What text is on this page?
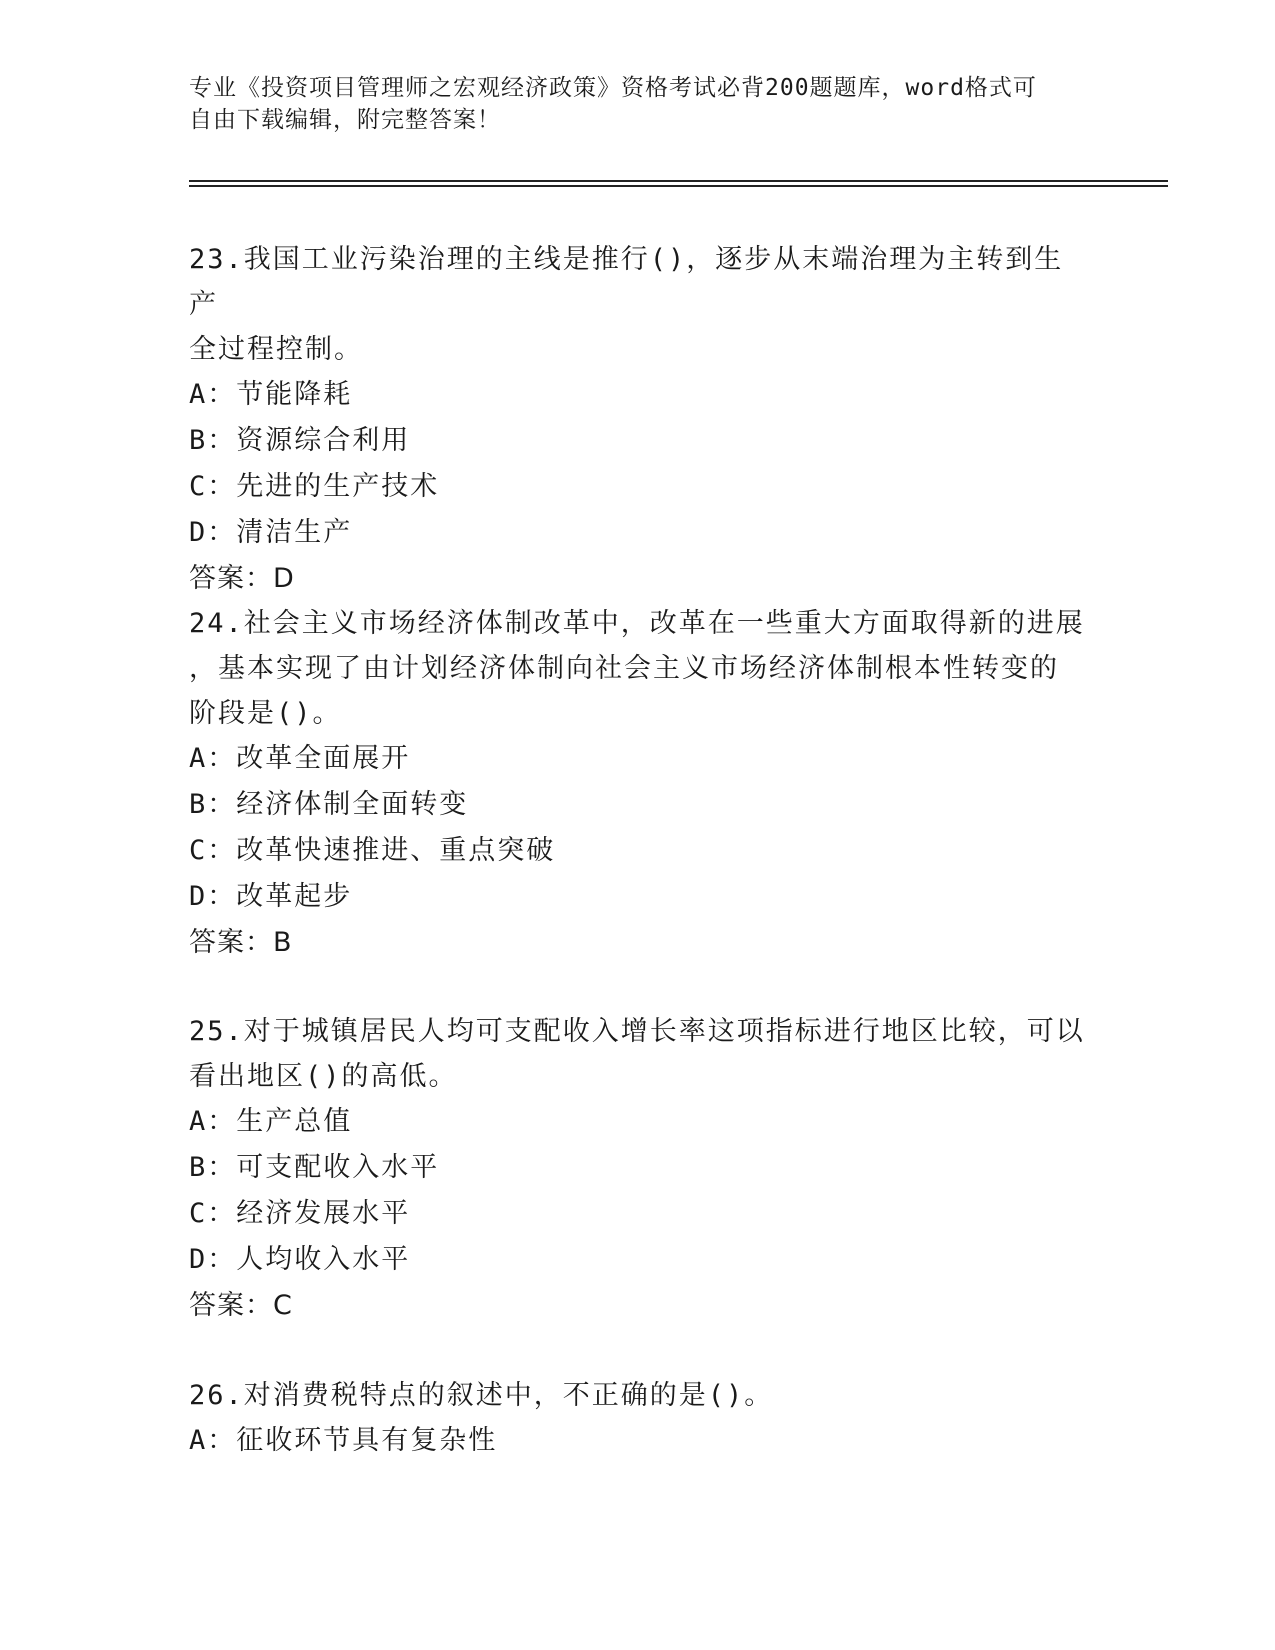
专业《投资项目管理师之宏观经济政策》资格考试必背200题题库，word格式可
自由下载编辑，附完整答案！
23.我国工业污染治理的主线是推行()，逐步从末端治理为主转到生产
全过程控制。
A：节能降耗
B：资源综合利用
C：先进的生产技术
D：清洁生产
答案：D
24.社会主义市场经济体制改革中，改革在一些重大方面取得新的进展
，基本实现了由计划经济体制向社会主义市场经济体制根本性转变的
阶段是()。
A：改革全面展开
B：经济体制全面转变
C：改革快速推进、重点突破
D：改革起步
答案：B
25.对于城镇居民人均可支配收入增长率这项指标进行地区比较，可以
看出地区()的高低。
A：生产总值
B：可支配收入水平
C：经济发展水平
D：人均收入水平
答案：C
26.对消费税特点的叙述中，不正确的是()。
A：征收环节具有复杂性
